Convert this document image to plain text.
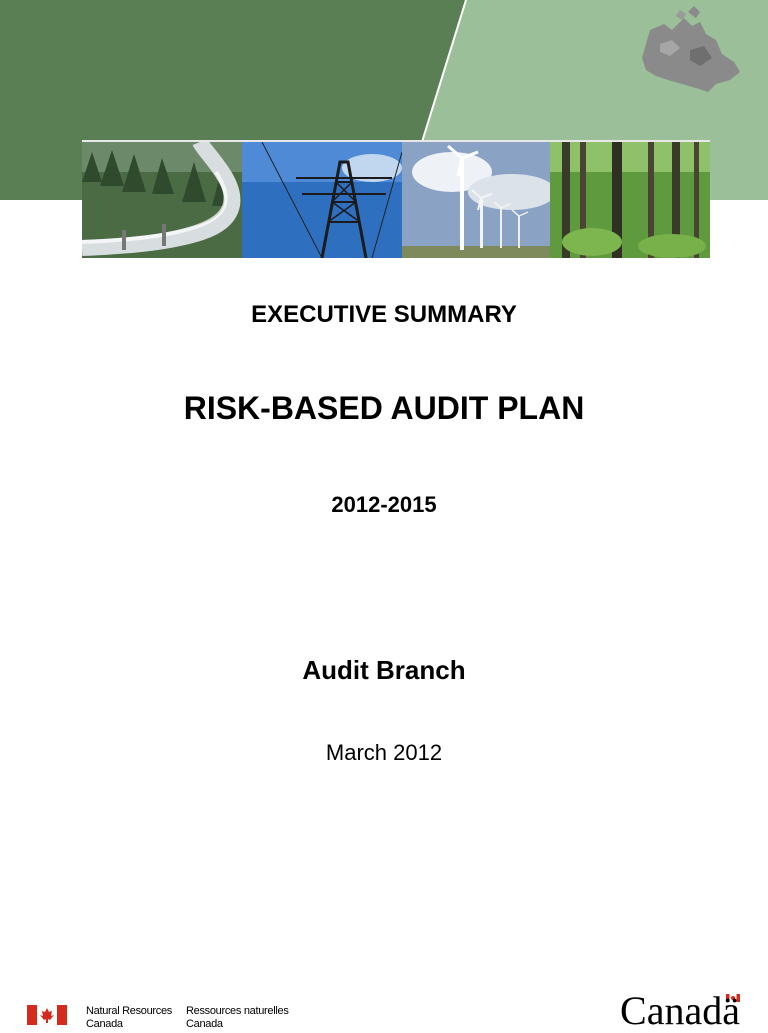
EXECUTIVE SUMMARY
RISK-BASED AUDIT PLAN
2012-2015
Audit Branch
March 2012
Natural Resources
Canada
Ressources naturelles
Canada	Canadä
